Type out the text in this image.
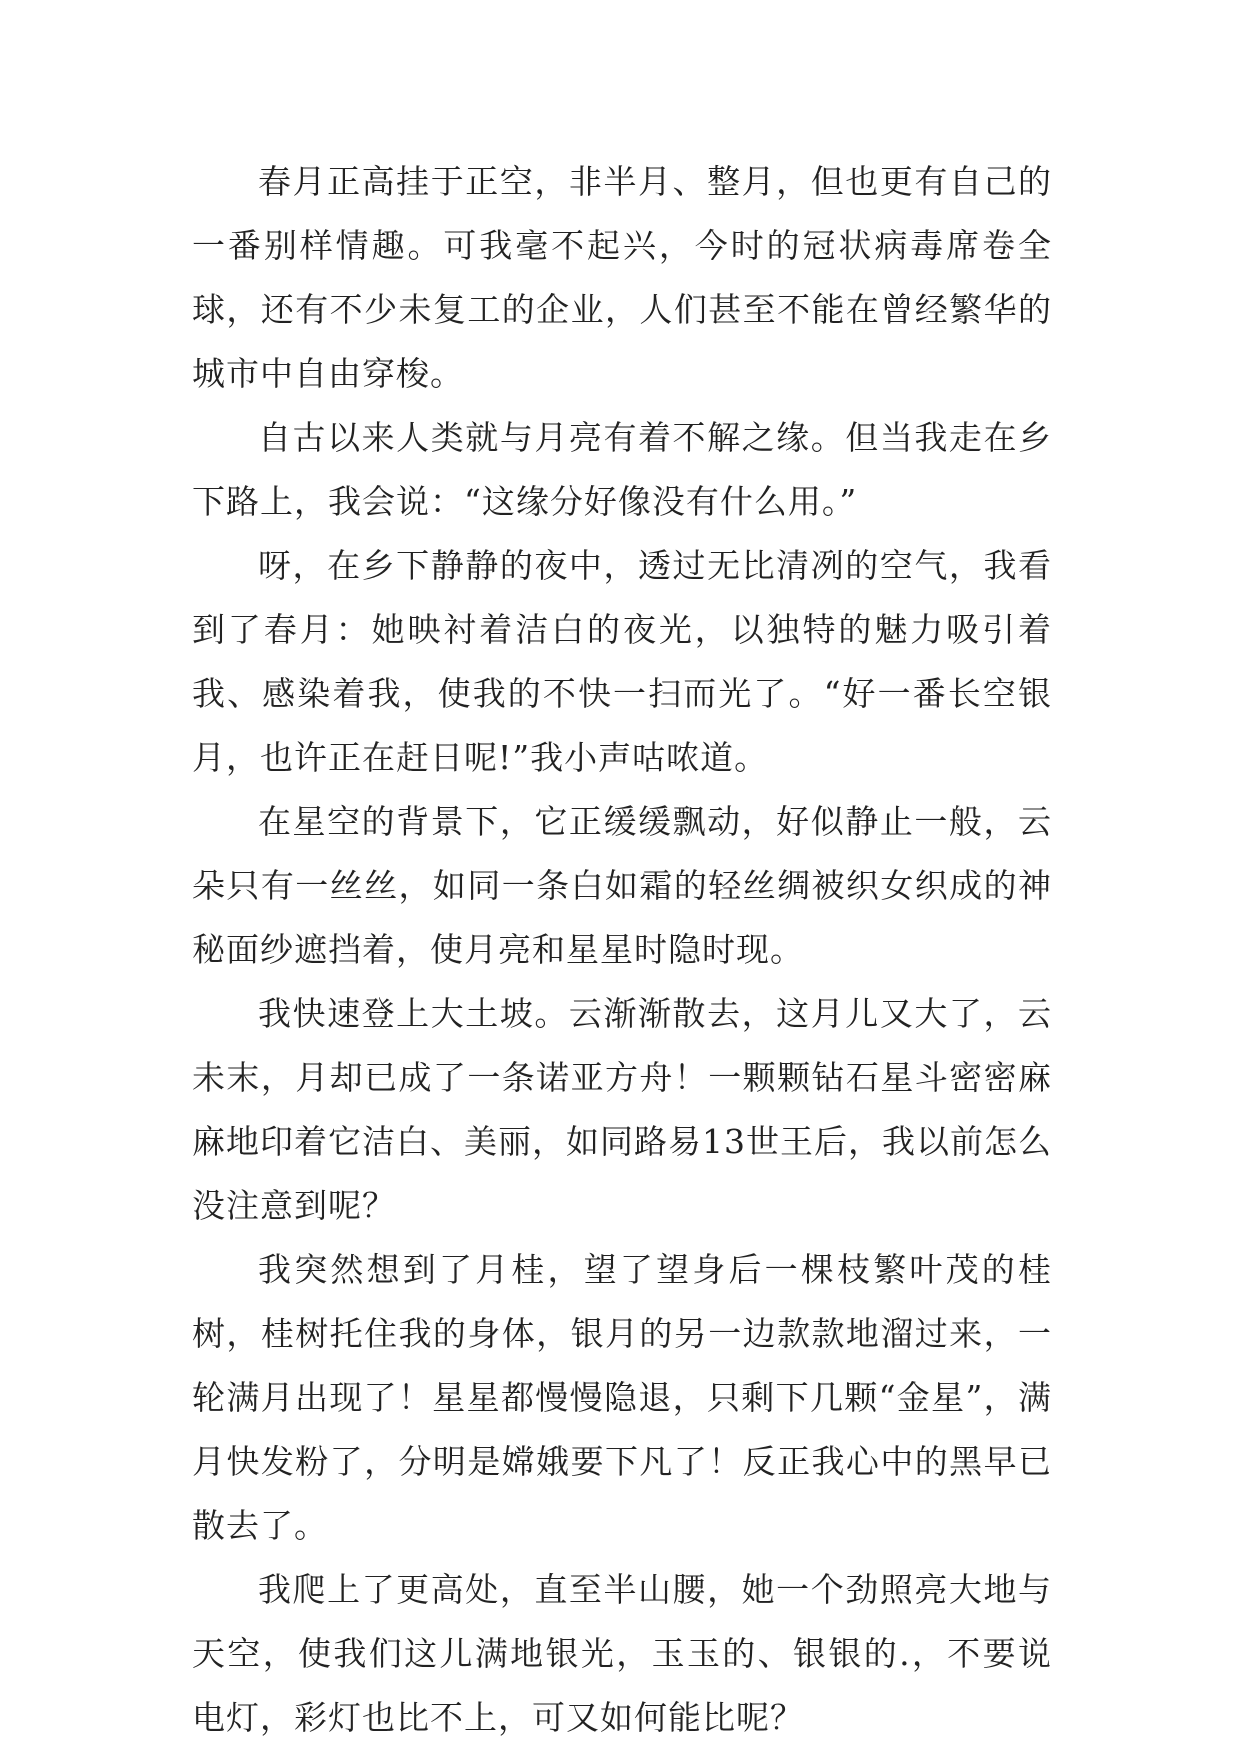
春月正高挂于正空，非半月、整月，但也更有自己的一番别样情趣。可我毫不起兴，今时的冠状病毒席卷全球，还有不少未复工的企业，人们甚至不能在曾经繁华的城市中自由穿梭。

自古以来人类就与月亮有着不解之缘。但当我走在乡下路上，我会说：“这缘分好像没有什么用。”

呀，在乡下静静的夜中，透过无比清冽的空气，我看到了春月：她映衬着洁白的夜光，以独特的魅力吸引着我、感染着我，使我的不快一扫而光了。“好一番长空银月，也许正在赶日呢!”我小声咕哝道。

在星空的背景下，它正缓缓飘动，好似静止一般，云朵只有一丝丝，如同一条白如霜的轻丝绸被织女织成的神秘面纱遮挡着，使月亮和星星时隐时现。

我快速登上大土坡。云渐渐散去，这月儿又大了，云未末，月却已成了一条诺亚方舟！一颗颗钻石星斗密密麻麻地印着它洁白、美丽，如同路易13世王后，我以前怎么没注意到呢？

我突然想到了月桂，望了望身后一棵枝繁叶茂的桂树，桂树托住我的身体，银月的另一边款款地溜过来，一轮满月出现了！星星都慢慢隐退，只剩下几颗“金星”，满月快发粉了，分明是嫦娥要下凡了！反正我心中的黑早已散去了。

我爬上了更高处，直至半山腰，她一个劲照亮大地与天空，使我们这儿满地银光，玉玉的、银银的.，不要说电灯，彩灯也比不上，可又如何能比呢？
